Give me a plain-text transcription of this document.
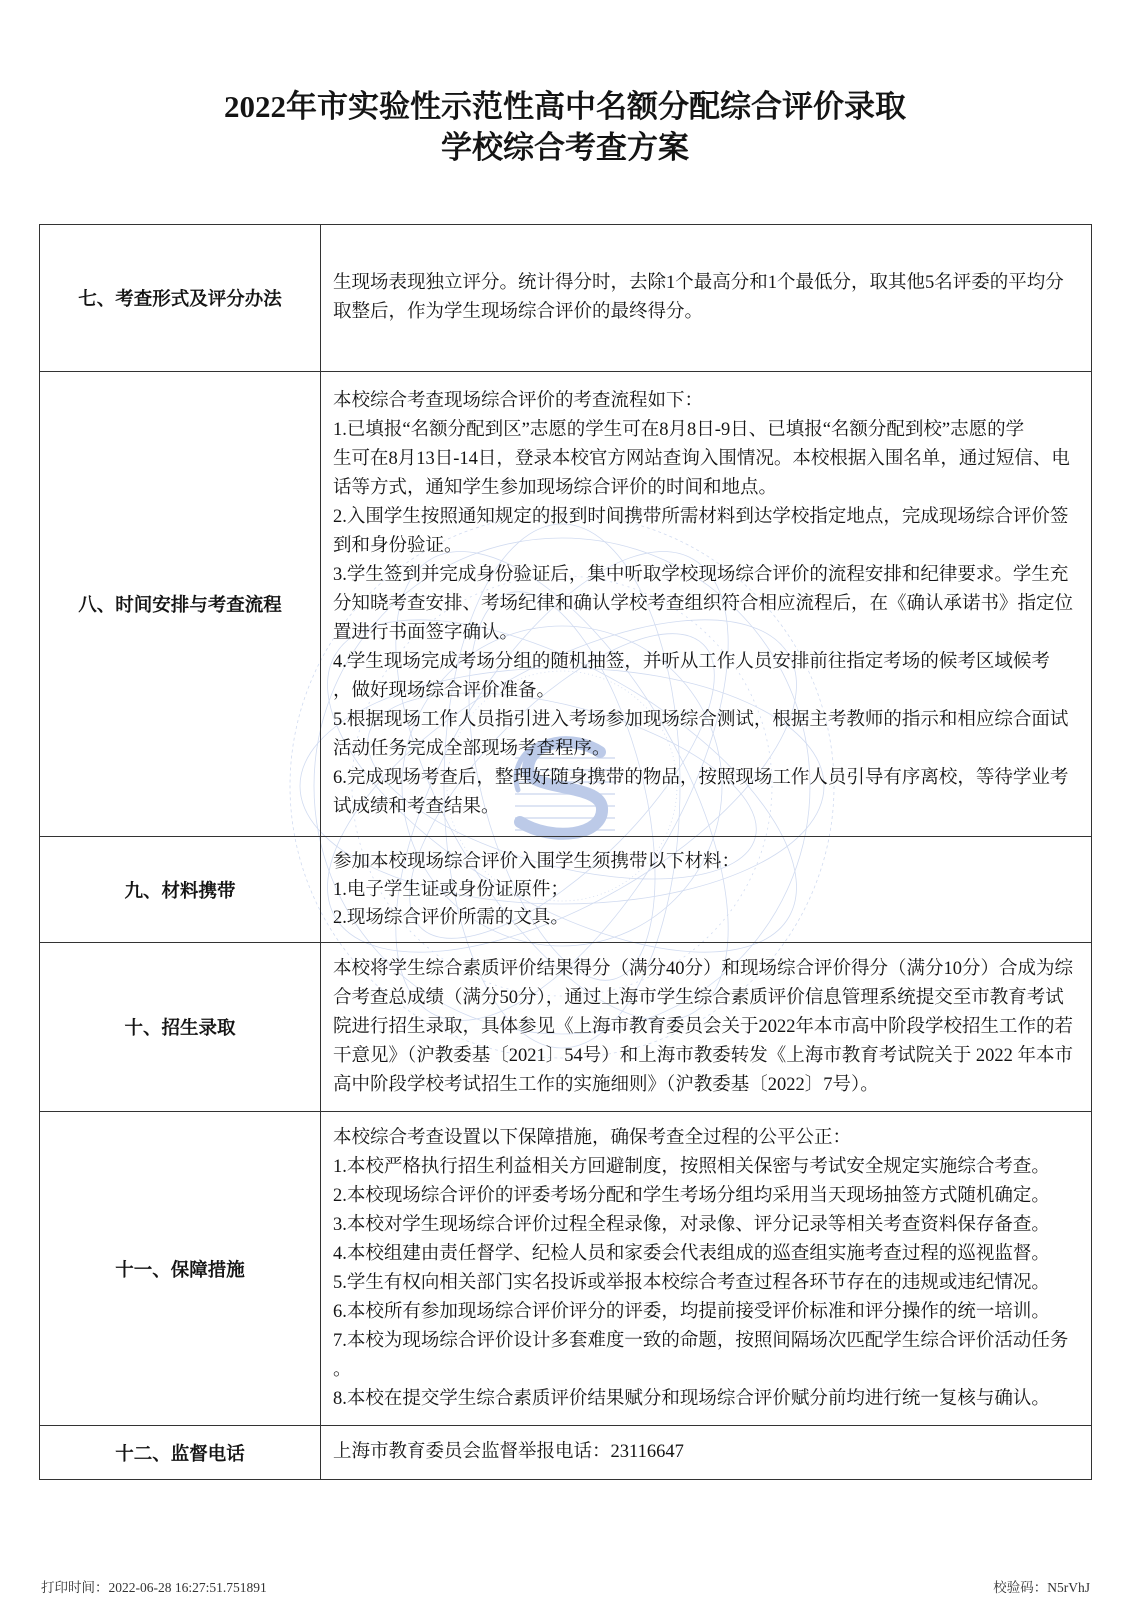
2022年市实验性示范性高中名额分配综合评价录取
学校综合考查方案
七、考查形式及评分办法
生现场表现独立评分。统计得分时，去除1个最高分和1个最低分，取其他5名评委的平均分
取整后，作为学生现场综合评价的最终得分。
八、时间安排与考查流程
本校综合考查现场综合评价的考查流程如下：
1.已填报“名额分配到区”志愿的学生可在8月8日-9日、已填报“名额分配到校”志愿的学
生可在8月13日-14日，登录本校官方网站查询入围情况。本校根据入围名单，通过短信、电
话等方式，通知学生参加现场综合评价的时间和地点。
2.入围学生按照通知规定的报到时间携带所需材料到达学校指定地点，完成现场综合评价签
到和身份验证。
3.学生签到并完成身份验证后，集中听取学校现场综合评价的流程安排和纪律要求。学生充
分知晓考查安排、考场纪律和确认学校考查组织符合相应流程后，在《确认承诺书》指定位
置进行书面签字确认。
4.学生现场完成考场分组的随机抽签，并听从工作人员安排前往指定考场的候考区域候考
，做好现场综合评价准备。
5.根据现场工作人员指引进入考场参加现场综合测试，根据主考教师的指示和相应综合面试
活动任务完成全部现场考查程序。
6.完成现场考查后，整理好随身携带的物品，按照现场工作人员引导有序离校，等待学业考
试成绩和考查结果。
九、材料携带
参加本校现场综合评价入围学生须携带以下材料：
1.电子学生证或身份证原件；
2.现场综合评价所需的文具。
十、招生录取
本校将学生综合素质评价结果得分（满分40分）和现场综合评价得分（满分10分）合成为综
合考查总成绩（满分50分），通过上海市学生综合素质评价信息管理系统提交至市教育考试
院进行招生录取，具体参见《上海市教育委员会关于2022年本市高中阶段学校招生工作的若
干意见》（沪教委基〔2021〕54号）和上海市教委转发《上海市教育考试院关于 2022 年本市
高中阶段学校考试招生工作的实施细则》（沪教委基〔2022〕7号）。
十一、保障措施
本校综合考查设置以下保障措施，确保考查全过程的公平公正：
1.本校严格执行招生利益相关方回避制度，按照相关保密与考试安全规定实施综合考查。
2.本校现场综合评价的评委考场分配和学生考场分组均采用当天现场抽签方式随机确定。
3.本校对学生现场综合评价过程全程录像，对录像、评分记录等相关考查资料保存备查。
4.本校组建由责任督学、纪检人员和家委会代表组成的巡查组实施考查过程的巡视监督。
5.学生有权向相关部门实名投诉或举报本校综合考查过程各环节存在的违规或违纪情况。
6.本校所有参加现场综合评价评分的评委，均提前接受评价标准和评分操作的统一培训。
7.本校为现场综合评价设计多套难度一致的命题，按照间隔场次匹配学生综合评价活动任务
。
8.本校在提交学生综合素质评价结果赋分和现场综合评价赋分前均进行统一复核与确认。
十二、监督电话	上海市教育委员会监督举报电话：23116647
打印时间：2022-06-28 16:27:51.751891	校验码：N5rVhJ
